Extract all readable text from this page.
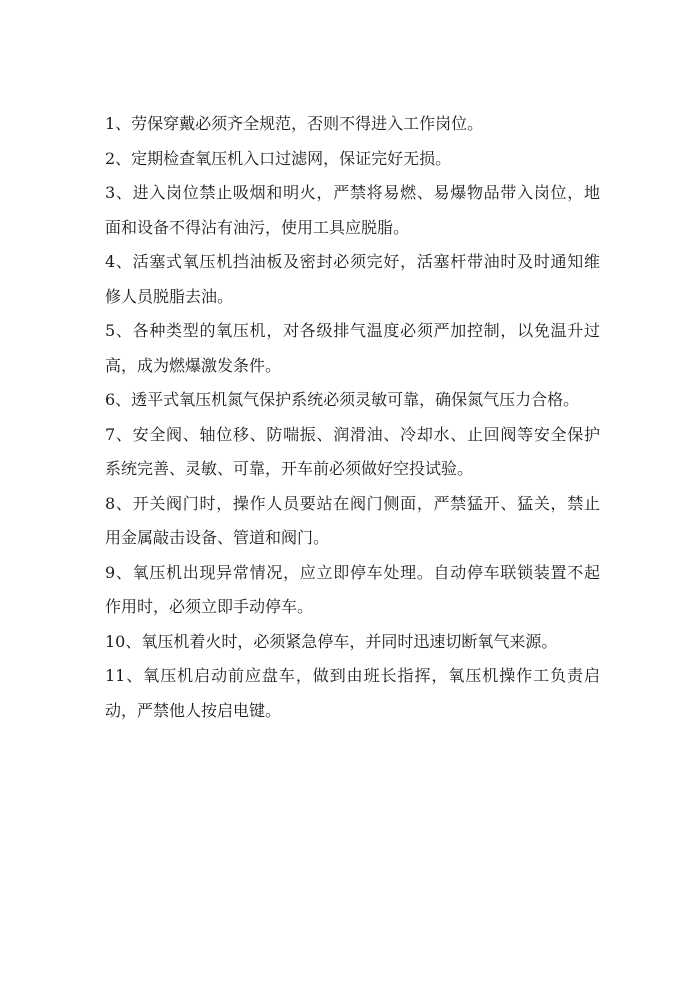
1、劳保穿戴必须齐全规范，否则不得进入工作岗位。
2、定期检查氧压机入口过滤网，保证完好无损。
3、进入岗位禁止吸烟和明火，严禁将易燃、易爆物品带入岗位，地
面和设备不得沾有油污，使用工具应脱脂。
4、活塞式氧压机挡油板及密封必须完好，活塞杆带油时及时通知维
修人员脱脂去油。
5、各种类型的氧压机，对各级排气温度必须严加控制，以免温升过
高，成为燃爆激发条件。
6、透平式氧压机氮气保护系统必须灵敏可靠，确保氮气压力合格。
7、安全阀、轴位移、防喘振、润滑油、冷却水、止回阀等安全保护
系统完善、灵敏、可靠，开车前必须做好空投试验。
8、开关阀门时，操作人员要站在阀门侧面，严禁猛开、猛关，禁止
用金属敲击设备、管道和阀门。
9、氧压机出现异常情况，应立即停车处理。自动停车联锁装置不起
作用时，必须立即手动停车。
10、氧压机着火时，必须紧急停车，并同时迅速切断氧气来源。
11、氧压机启动前应盘车，做到由班长指挥，氧压机操作工负责启
动，严禁他人按启电键。
